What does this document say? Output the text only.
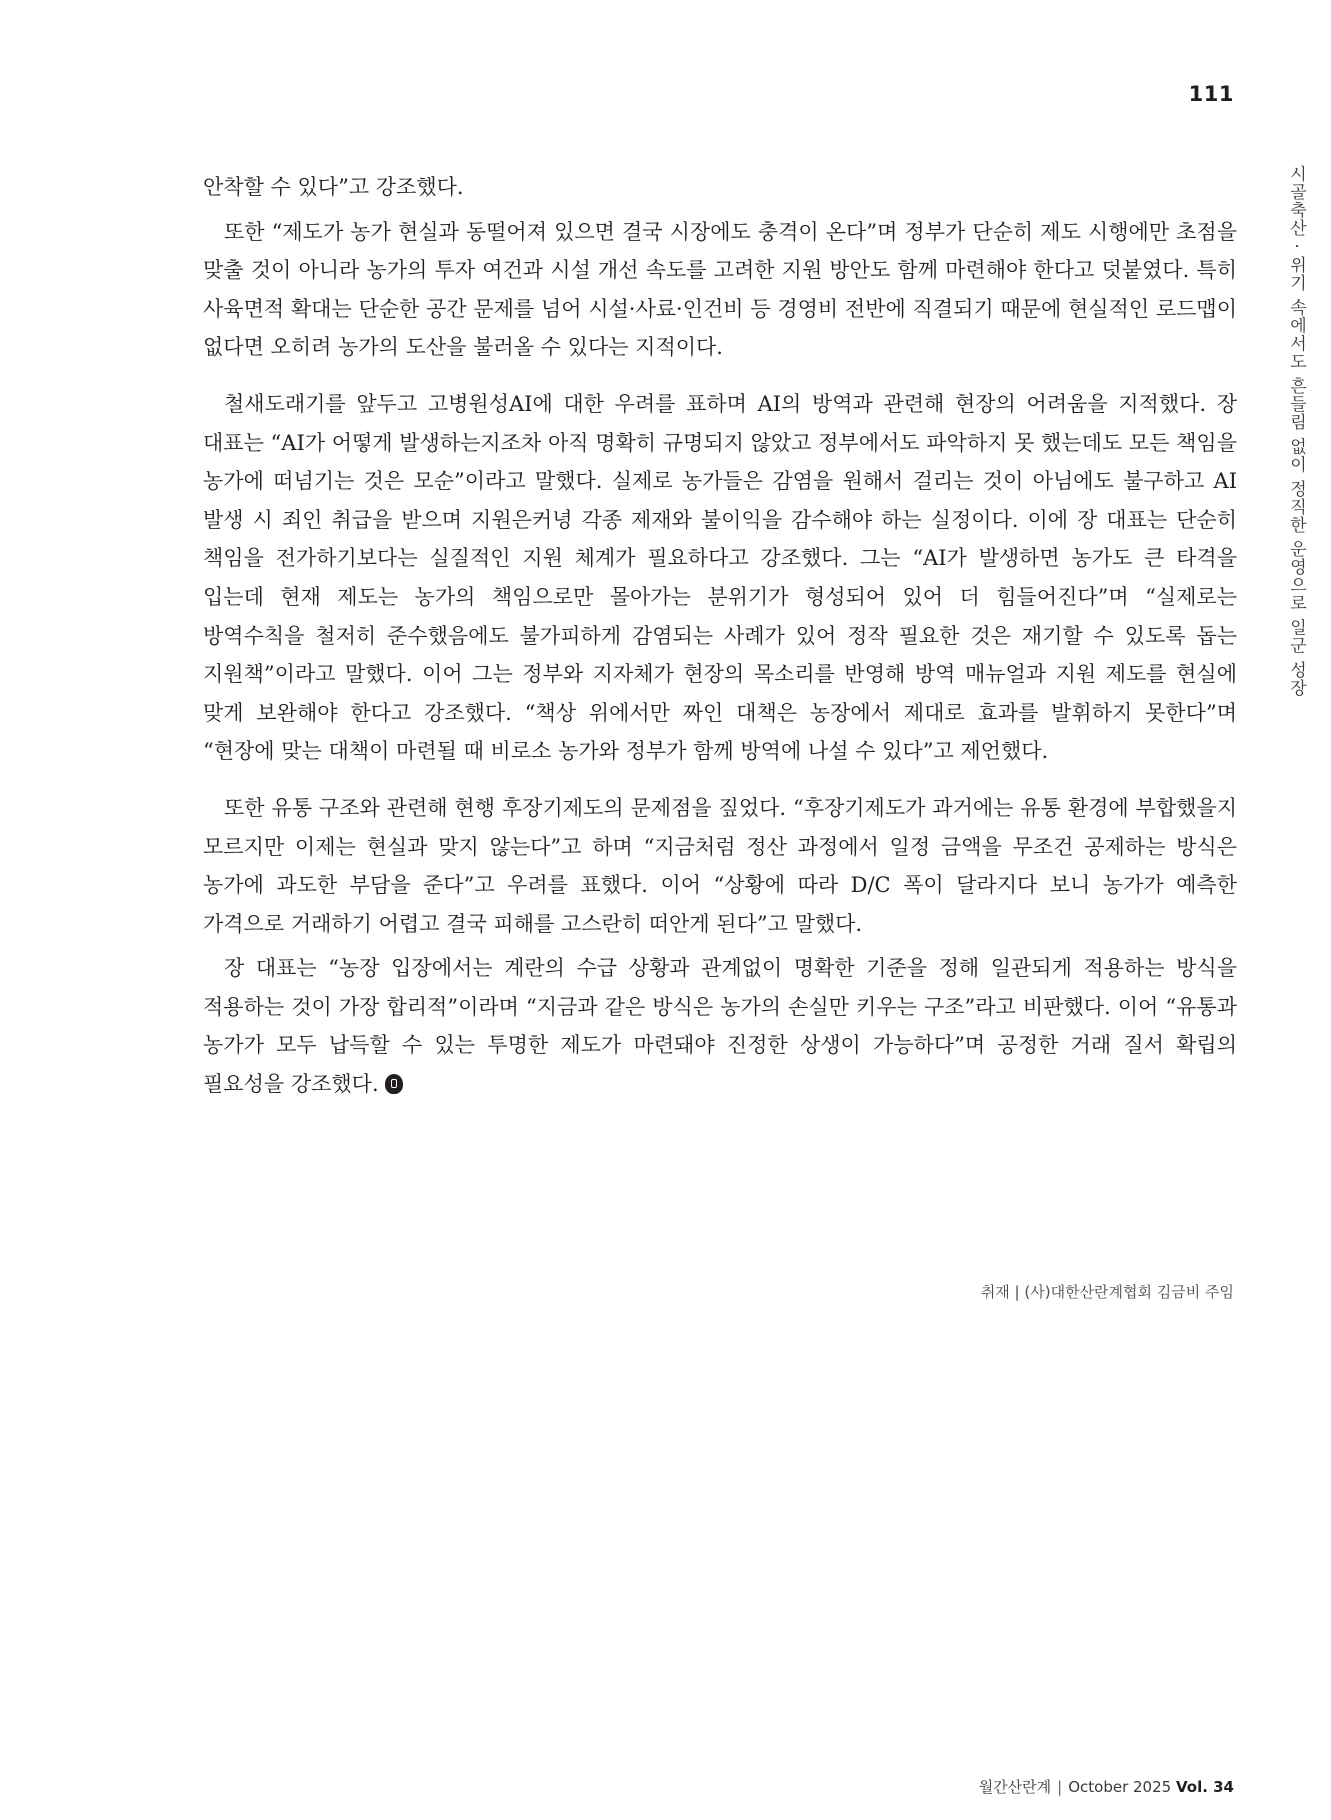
111
시골축산 · 위기 속에서도 흔들림 없이 정직한 운영으로 일군 성장

안착할 수 있다”고 강조했다.

또한 “제도가 농가 현실과 동떨어져 있으면 결국 시장에도 충격이 온다”며 정부가 단순히 제도 시행에만 초점을 맞출 것이 아니라 농가의 투자 여건과 시설 개선 속도를 고려한 지원 방안도 함께 마련해야 한다고 덧붙였다. 특히 사육면적 확대는 단순한 공간 문제를 넘어 시설·사료·인건비 등 경영비 전반에 직결되기 때문에 현실적인 로드맵이 없다면 오히려 농가의 도산을 불러올 수 있다는 지적이다.

철새도래기를 앞두고 고병원성AI에 대한 우려를 표하며 AI의 방역과 관련해 현장의 어려움을 지적했다. 장 대표는 “AI가 어떻게 발생하는지조차 아직 명확히 규명되지 않았고 정부에서도 파악하지 못 했는데도 모든 책임을 농가에 떠넘기는 것은 모순”이라고 말했다. 실제로 농가들은 감염을 원해서 걸리는 것이 아님에도 불구하고 AI 발생 시 죄인 취급을 받으며 지원은커녕 각종 제재와 불이익을 감수해야 하는 실정이다. 이에 장 대표는 단순히 책임을 전가하기보다는 실질적인 지원 체계가 필요하다고 강조했다. 그는 “AI가 발생하면 농가도 큰 타격을 입는데 현재 제도는 농가의 책임으로만 몰아가는 분위기가 형성되어 있어 더 힘들어진다”며 “실제로는 방역수칙을 철저히 준수했음에도 불가피하게 감염되는 사례가 있어 정작 필요한 것은 재기할 수 있도록 돕는 지원책”이라고 말했다. 이어 그는 정부와 지자체가 현장의 목소리를 반영해 방역 매뉴얼과 지원 제도를 현실에 맞게 보완해야 한다고 강조했다. “책상 위에서만 짜인 대책은 농장에서 제대로 효과를 발휘하지 못한다”며 “현장에 맞는 대책이 마련될 때 비로소 농가와 정부가 함께 방역에 나설 수 있다”고 제언했다.

또한 유통 구조와 관련해 현행 후장기제도의 문제점을 짚었다. “후장기제도가 과거에는 유통 환경에 부합했을지 모르지만 이제는 현실과 맞지 않는다”고 하며 “지금처럼 정산 과정에서 일정 금액을 무조건 공제하는 방식은 농가에 과도한 부담을 준다”고 우려를 표했다. 이어 “상황에 따라 D/C 폭이 달라지다 보니 농가가 예측한 가격으로 거래하기 어렵고 결국 피해를 고스란히 떠안게 된다”고 말했다.

장 대표는 “농장 입장에서는 계란의 수급 상황과 관계없이 명확한 기준을 정해 일관되게 적용하는 방식을 적용하는 것이 가장 합리적”이라며 “지금과 같은 방식은 농가의 손실만 키우는 구조”라고 비판했다. 이어 “유통과 농가가 모두 납득할 수 있는 투명한 제도가 마련돼야 진정한 상생이 가능하다”며 공정한 거래 질서 확립의 필요성을 강조했다.

취재 | (사)대한산란계협회 김금비 주임
월간산란계 | October 2025 Vol. 34
